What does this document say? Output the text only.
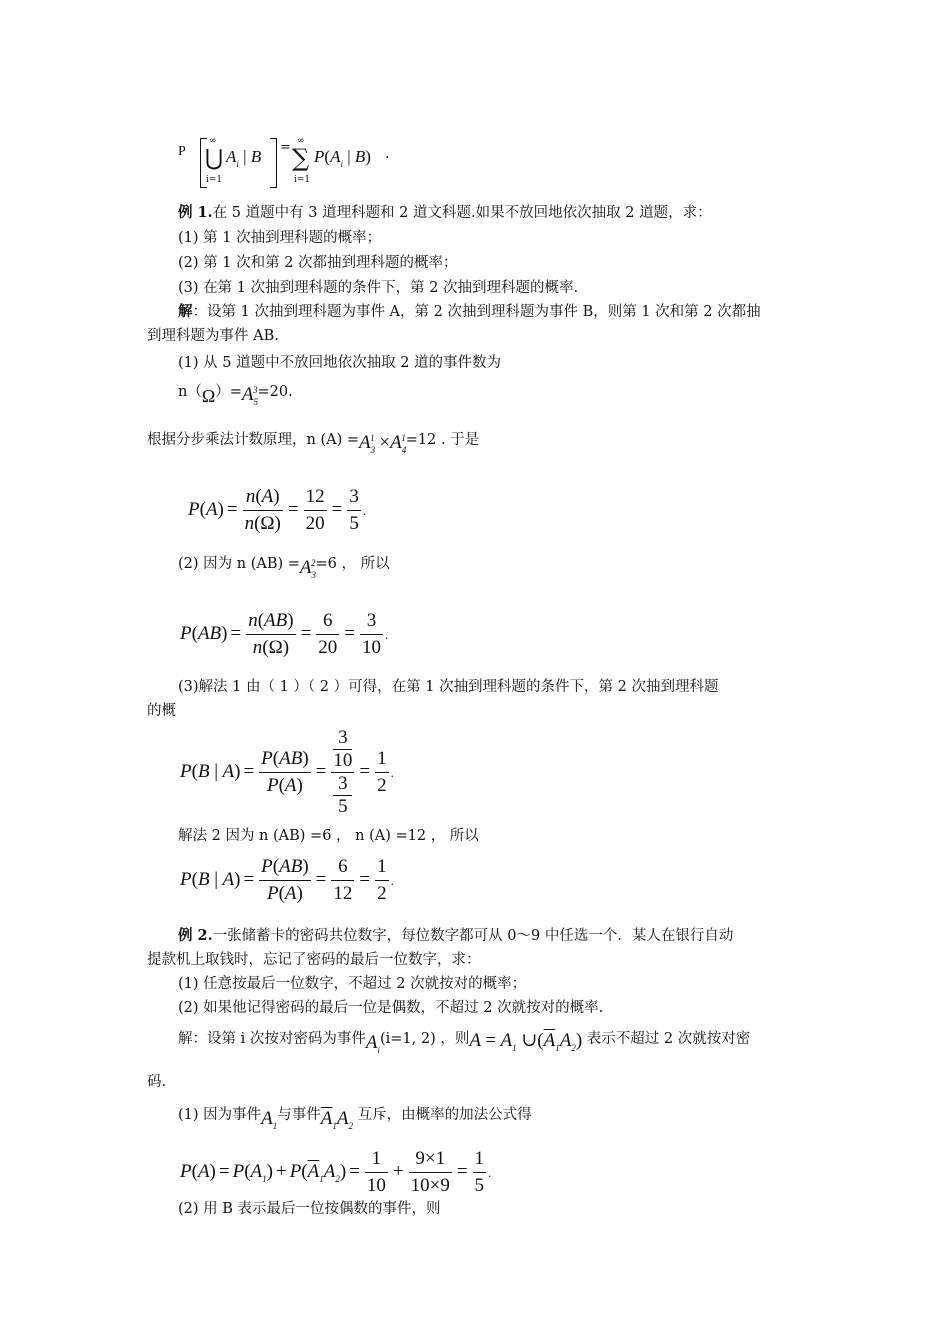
P
∞
⋃
i=1
$A_i$ | B = ∞
∑
i=1
$P(A_i$ | B) .
例 1.在 5 道题中有 3 道理科题和 2 道文科题.如果不放回地依次抽取 2 道题，求：
(1) 第 1 次抽到理科题的概率；
(2) 第 1 次和第 2 次都抽到理科题的概率；
(3) 在第 1 次抽到理科题的条件下，第 2 次抽到理科题的概率.
解：设第 1 次抽到理科题为事件 A，第 2 次抽到理科题为事件 B，则第 1 次和第 2 次都抽
到理科题为事件 AB.
(1) 从 5 道题中不放回地依次抽取 2 道的事件数为
$n(\Omega)=A_5^3=20$.
根据分步乘法计数原理，n $(A) =A_3^1 \times A_4^1=12$ . 于是
$P(A) = \frac{n(A)}{n(\Omega)} = \frac{12}{20} = \frac{3}{5}$ .
(2) 因为 n $(AB) =A_3^2=6$ ， 所以
$P(AB) = \frac{n(AB)}{n(\Omega)} = \frac{6}{20} = \frac{3}{10}$ .
(3)解法 1 由（ 1 ）（ 2 ）可得，在第 1 次抽到理科题的条件下，第 2 次抽到理科题
的概
P(B | $A) = \frac{P(AB)}{P(A)} = 3$
10
3
$5 = \frac{1}{2}$ .
解法 2 因为 n (AB) =6 ， n (A) =12 ， 所以
P(B | $A) = \frac{P(AB)}{P(A)} = \frac{6}{12} = \frac{1}{2}$ .
例 2.一张储蓄卡的密码共位数字，每位数字都可从 0～9 中任选一个．某人在银行自动
提款机上取钱时，忘记了密码的最后一位数字，求：
(1) 任意按最后一位数字，不超过 2 次就按对的概率；
(2) 如果他记得密码的最后一位是偶数，不超过 2 次就按对的概率.
解：设第 i 次按对密码为事件$A_i(i=1$, 2) ，则$A = A_1$ $\cup(\overline{A}_1A_2)$ 表示不超过 2 次就按对密
码.
(1) 因为事件$A_1$与事件$\overline{A}_1A_2$ 互斥，由概率的加法公式得
$P(A) = P(A_1) + P(\overline{A}_1A_2) = \frac{1}{10} + \frac{9\times 1}{10\times 9} = \frac{1}{5}$ .
(2) 用 B 表示最后一位按偶数的事件，则
